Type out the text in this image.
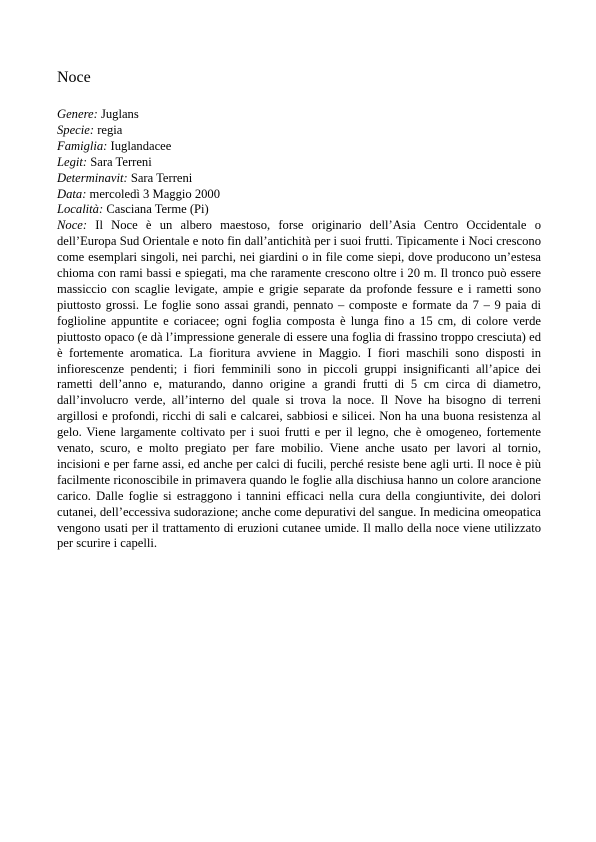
Noce
Genere: Juglans
Specie: regia
Famiglia: Iuglandacee
Legit: Sara Terreni
Determinavit: Sara Terreni
Data: mercoledì 3 Maggio 2000
Località: Casciana Terme (Pi)
Noce: Il Noce è un albero maestoso, forse originario dell’Asia Centro Occidentale o dell’Europa Sud Orientale e noto fin dall’antichità per i suoi frutti. Tipicamente i Noci crescono come esemplari singoli, nei parchi, nei giardini o in file come siepi, dove producono un’estesa chioma con rami bassi e spiegati, ma che raramente crescono oltre i 20 m. Il tronco può essere massiccio con scaglie levigate, ampie e grigie separate da profonde fessure e i rametti sono piuttosto grossi. Le foglie sono assai grandi, pennato – composte e formate da 7 – 9 paia di foglioline appuntite e coriacee; ogni foglia composta è lunga fino a 15 cm, di colore verde piuttosto opaco (e dà l’impressione generale di essere una foglia di frassino troppo cresciuta) ed è fortemente aromatica. La fioritura avviene in Maggio. I fiori maschili sono disposti in infiorescenze pendenti; i fiori femminili sono in piccoli gruppi insignificanti all’apice dei rametti dell’anno e, maturando, danno origine a grandi frutti di 5 cm circa di diametro, dall’involucro verde, all’interno del quale si trova la noce. Il Nove ha bisogno di terreni argillosi e profondi, ricchi di sali e calcarei, sabbiosi e silicei. Non ha una buona resistenza al gelo. Viene largamente coltivato per i suoi frutti e per il legno, che è omogeneo, fortemente venato, scuro, e molto pregiato per fare mobilio. Viene anche usato per lavori al tornio, incisioni e per farne assi, ed anche per calci di fucili, perché resiste bene agli urti. Il noce è più facilmente riconoscibile in primavera quando le foglie alla dischiusa hanno un colore arancione carico. Dalle foglie si estraggono i tannini efficaci nella cura della congiuntivite, dei dolori cutanei, dell’eccessiva sudorazione; anche come depurativi del sangue. In medicina omeopatica vengono usati per il trattamento di eruzioni cutanee umide. Il mallo della noce viene utilizzato per scurire i capelli.
